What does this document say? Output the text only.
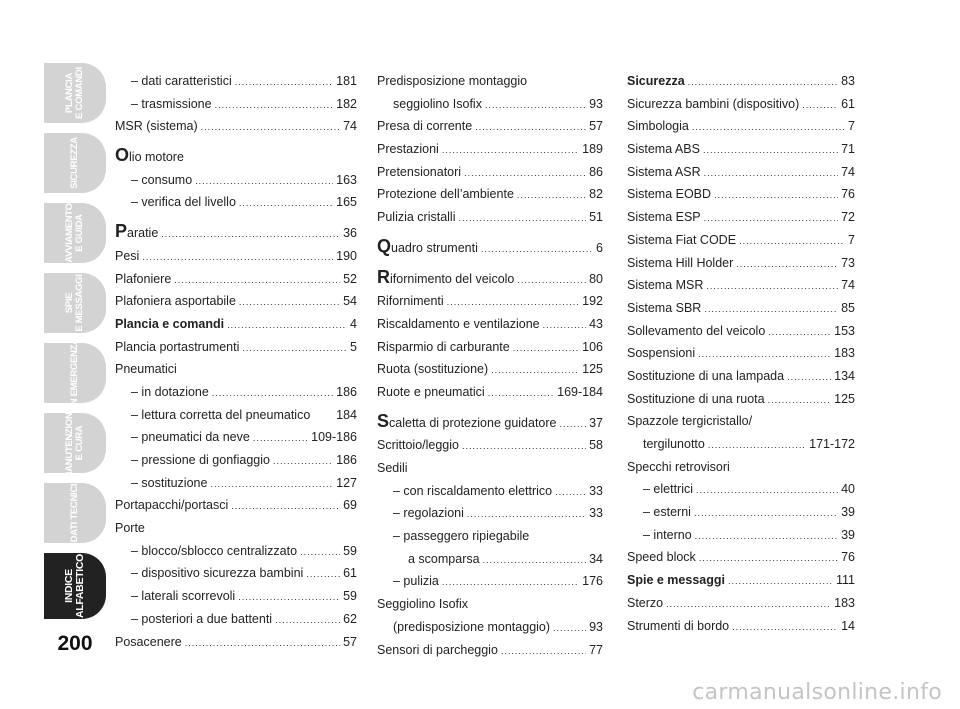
PLANCIA
E COMANDI
SICUREZZA
AVVIAMENTO
E GUIDA
SPIE
E MESSAGGI
IN EMERGENZA
MANUTENZIONE
E CURA
DATI TECNICI
INDICE
ALFABETICO
200
– dati caratteristici .....	181
– trasmissione .....	182
MSR (sistema) .....	74
Olio motore
– consumo .....	163
– verifica del livello .....	165
Paratie .....	36
Pesi .....	190
Plafoniere .....	52
Plafoniera asportabile .....	54
Plancia e comandi .....	4
Plancia portastrumenti .....	5
Pneumatici
– in dotazione .....	186
– lettura corretta del pneumatico	184
– pneumatici da neve .....	109-186
– pressione di gonfiaggio .....	186
– sostituzione .....	127
Portapacchi/portasci .....	69
Porte
– blocco/sblocco centralizzato .....	59
– dispositivo sicurezza bambini .....	61
– laterali scorrevoli .....	59
– posteriori a due battenti .....	62
Posacenere .....	57
Predisposizione montaggio
seggiolino Isofix .....	93
Presa di corrente .....	57
Prestazioni .....	189
Pretensionatori .....	86
Protezione dell’ambiente .....	82
Pulizia cristalli .....	51
Quadro strumenti .....	6
Rifornimento del veicolo .....	80
Rifornimenti .....	192
Riscaldamento e ventilazione .....	43
Risparmio di carburante .....	106
Ruota (sostituzione) .....	125
Ruote e pneumatici .....	169-184
Scaletta di protezione guidatore .....	37
Scrittoio/leggio .....	58
Sedili
– con riscaldamento elettrico .....	33
– regolazioni .....	33
– passeggero ripiegabile
a scomparsa .....	34
– pulizia .....	176
Seggiolino Isofix
(predisposizione montaggio) .....	93
Sensori di parcheggio .....	77
Sicurezza .....	83
Sicurezza bambini (dispositivo) .....	61
Simbologia .....	7
Sistema ABS .....	71
Sistema ASR .....	74
Sistema EOBD .....	76
Sistema ESP .....	72
Sistema Fiat CODE .....	7
Sistema Hill Holder .....	73
Sistema MSR .....	74
Sistema SBR .....	85
Sollevamento del veicolo .....	153
Sospensioni .....	183
Sostituzione di una lampada .....	134
Sostituzione di una ruota .....	125
Spazzole tergicristallo/
tergilunotto .....	171-172
Specchi retrovisori
– elettrici .....	40
– esterni .....	39
– interno .....	39
Speed block .....	76
Spie e messaggi .....	111
Sterzo .....	183
Strumenti di bordo .....	14
carmanualsonline.info
